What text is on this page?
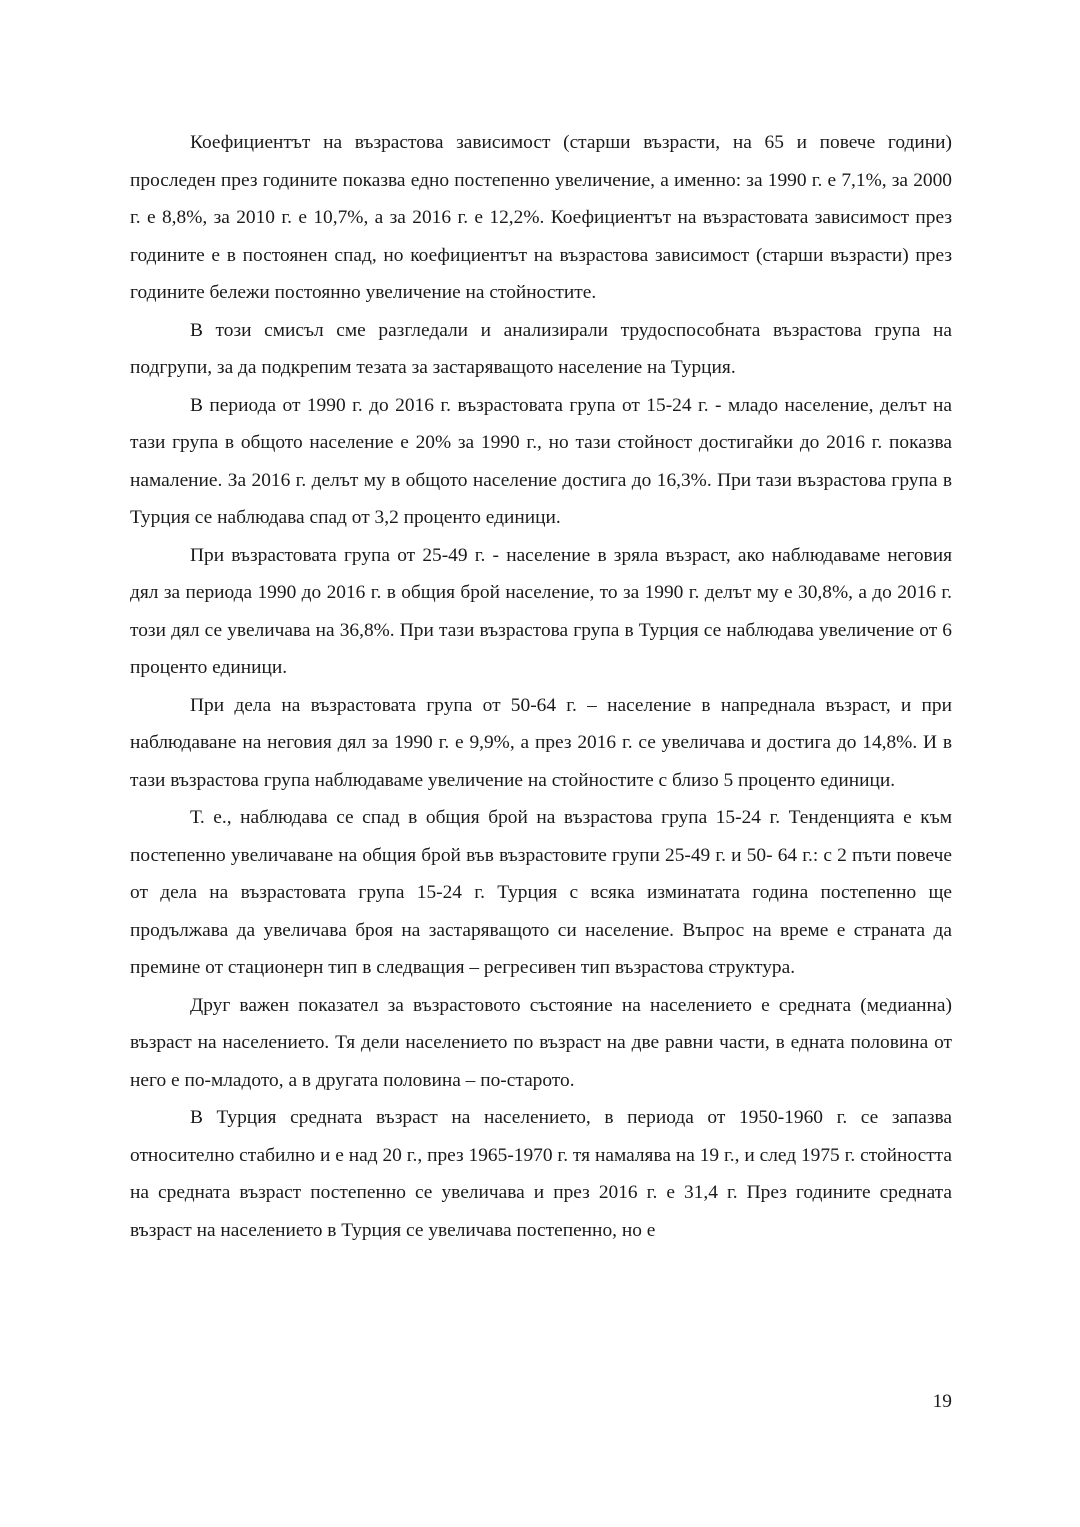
Коефициентът на възрастова зависимост (старши възрасти, на 65 и повече години) проследен през годините показва едно постепенно увеличение, а именно: за 1990 г. е 7,1%, за 2000 г. е 8,8%, за 2010 г. е 10,7%, а за 2016 г. е 12,2%. Коефициентът на възрастовата зависимост през годините е в постоянен спад, но коефициентът на възрастова зависимост (старши възрасти) през годините бележи постоянно увеличение на стойностите.

В този смисъл сме разгледали и анализирали трудоспособната възрастова група на подгрупи, за да подкрепим тезата за застаряващото население на Турция.

В периода от 1990 г. до 2016 г. възрастовата група от 15-24 г. - младо население, делът на тази група в общото население е 20% за 1990 г., но тази стойност достигайки до 2016 г. показва намаление. За 2016 г. делът му в общото население достига до 16,3%. При тази възрастова група в Турция се наблюдава спад от 3,2 процентo единици.

При възрастовата група от 25-49 г. - население в зряла възраст, ако наблюдаваме неговия дял за периода 1990 до 2016 г. в общия брой население, то за 1990 г. делът му е 30,8%, а до 2016 г. този дял се увеличава на 36,8%. При тази възрастова група в Турция се наблюдава увеличение от 6 процентo единици.

При дела на възрастовата група от 50-64 г. – население в напреднала възраст, и при наблюдаване на неговия дял за 1990 г. е 9,9%, а през 2016 г. се увеличава и достига до 14,8%. И в тази възрастова група наблюдаваме увеличение на стойностите с близо 5 процентo единици.

Т. е., наблюдава се спад в общия брой на възрастова група 15-24 г. Тенденцията е към постепенно увеличаване на общия брой във възрастовите групи 25-49 г. и 50- 64 г.: с 2 пъти повече от дела на възрастовата група 15-24 г. Турция с всяка изминатата година постепенно ще продължава да увеличава броя на застаряващото си население. Въпрос на време е страната да премине от стационерн тип в следващия – регресивен тип възрастова структура.

Друг важен показател за възрастовото състояние на населението е средната (медианна) възраст на населението. Тя дели населението по възраст на две равни части, в едната половина от него е по-младото, а в другата половина – по-старото.

В Турция средната възраст на населението, в периода от 1950-1960 г. се запазва относително стабилно и е над 20 г., през 1965-1970 г. тя намалява на 19 г., и след 1975 г. стойността на средната възраст постепенно се увеличава и през 2016 г. е 31,4 г. През годините средната възраст на населението в Турция се увеличава постепенно, но е

19
